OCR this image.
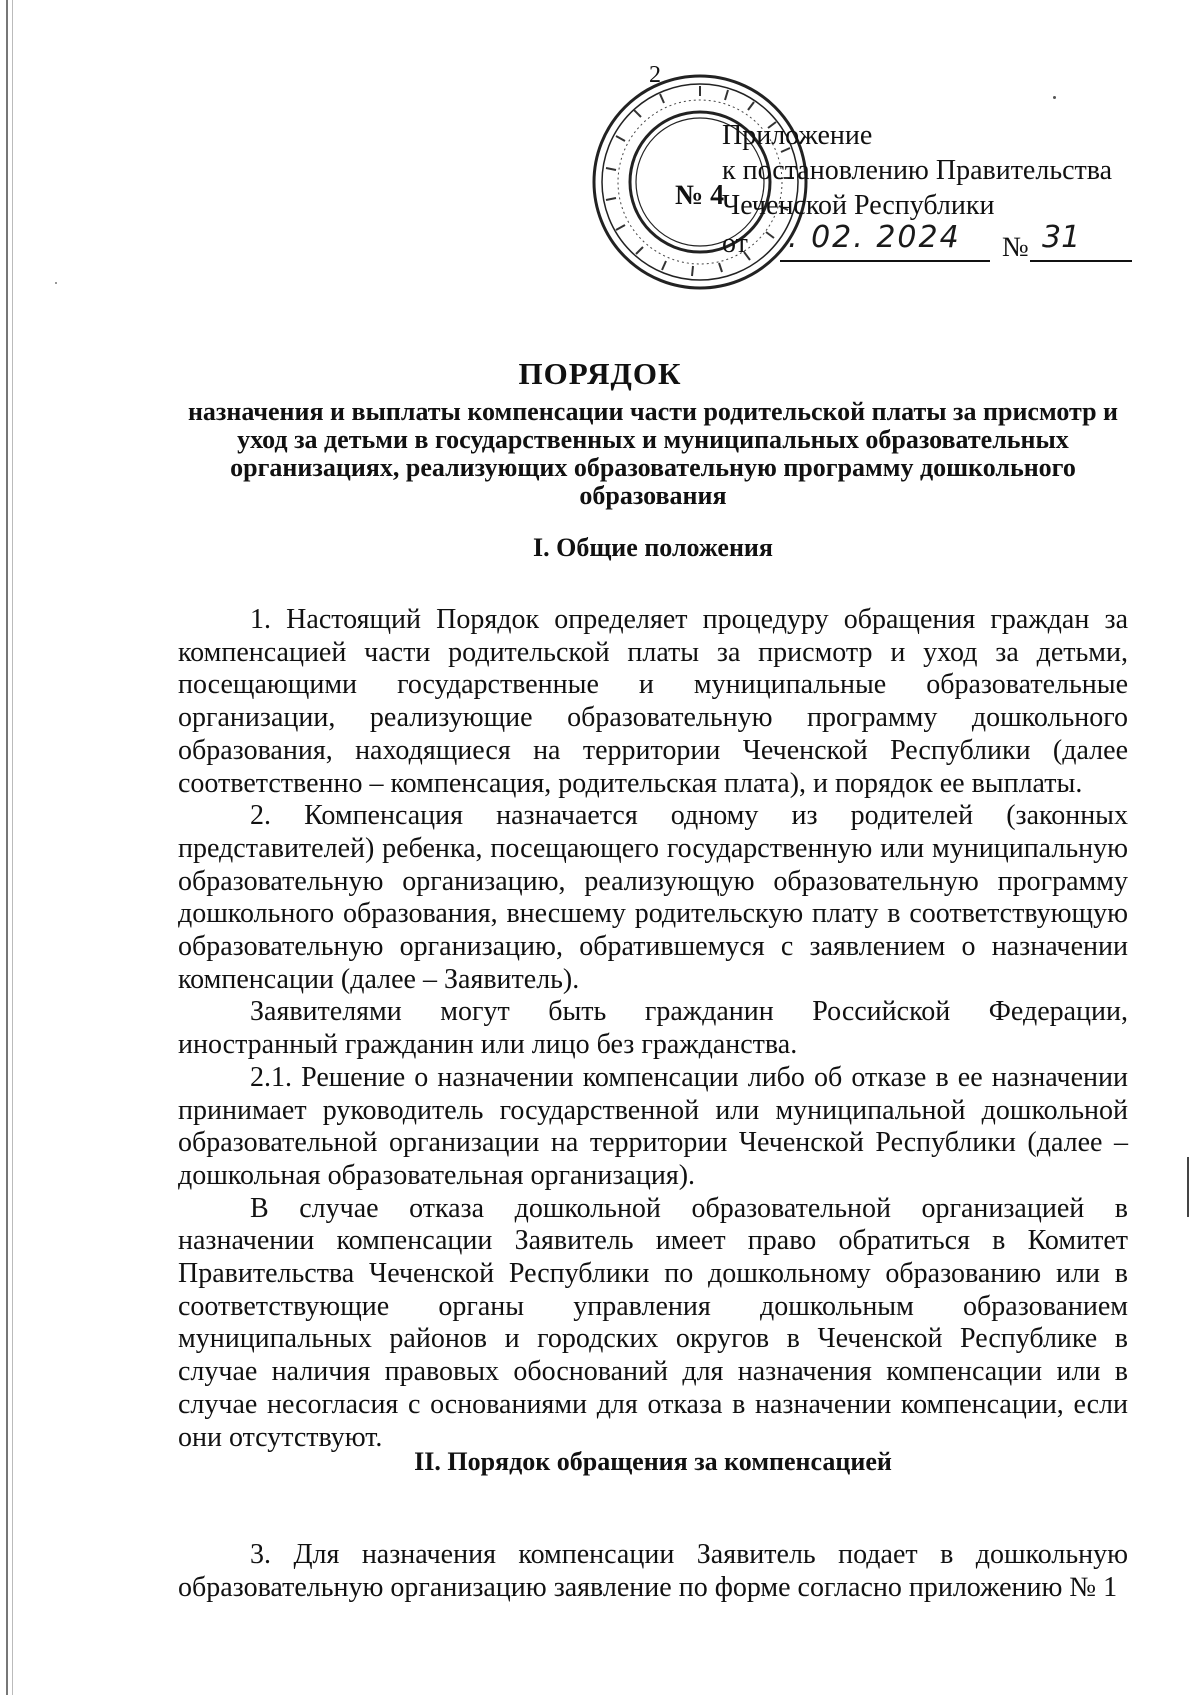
2
№ 4
Приложение
к постановлению Правительства
Чеченской Республики
от . 02. 2024 № 31
ПОРЯДОК
назначения и выплаты компенсации части родительской платы за присмотр и уход за детьми в государственных и муниципальных образовательных организациях, реализующих образовательную программу дошкольного образования
I. Общие положения

1. Настоящий Порядок определяет процедуру обращения граждан за компенсацией части родительской платы за присмотр и уход за детьми, посещающими государственные и муниципальные образовательные организации, реализующие образовательную программу дошкольного образования, находящиеся на территории Чеченской Республики (далее соответственно – компенсация, родительская плата), и порядок ее выплаты.

2. Компенсация назначается одному из родителей (законных представителей) ребенка, посещающего государственную или муниципальную образовательную организацию, реализующую образовательную программу дошкольного образования, внесшему родительскую плату в соответствующую образовательную организацию, обратившемуся с заявлением о назначении компенсации (далее – Заявитель).

Заявителями могут быть гражданин Российской Федерации, иностранный гражданин или лицо без гражданства.

2.1. Решение о назначении компенсации либо об отказе в ее назначении принимает руководитель государственной или муниципальной дошкольной образовательной организации на территории Чеченской Республики (далее – дошкольная образовательная организация).

В случае отказа дошкольной образовательной организацией в назначении компенсации Заявитель имеет право обратиться в Комитет Правительства Чеченской Республики по дошкольному образованию или в соответствующие органы управления дошкольным образованием муниципальных районов и городских округов в Чеченской Республике в случае наличия правовых обоснований для назначения компенсации или в случае несогласия с основаниями для отказа в назначении компенсации, если они отсутствуют.

II. Порядок обращения за компенсацией

3. Для назначения компенсации Заявитель подает в дошкольную образовательную организацию заявление по форме согласно приложению № 1
